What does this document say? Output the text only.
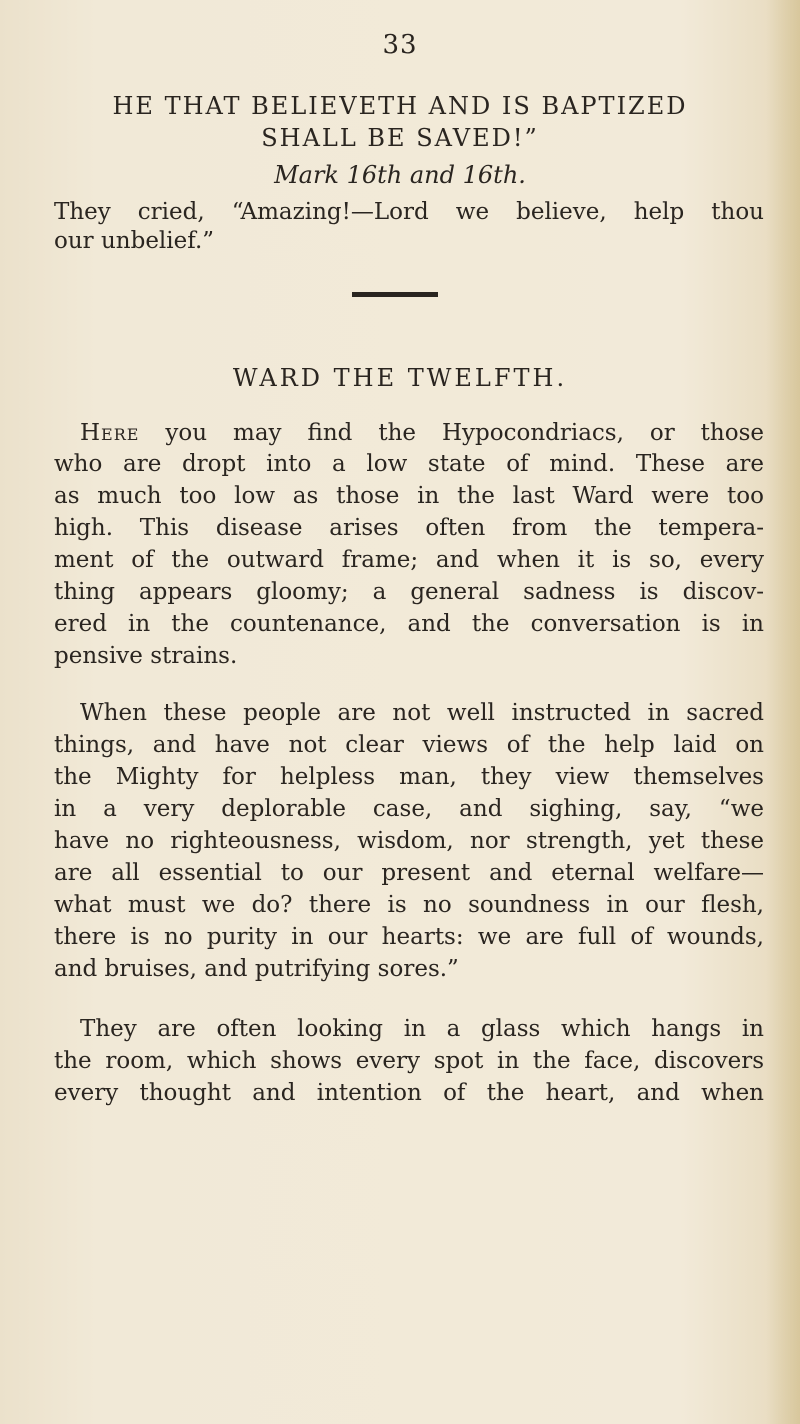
33
HE THAT BELIEVETH AND IS BAPTIZED
SHALL BE SAVED!”
Mark 16th and 16th.
They cried, “Amazing!—Lord we believe, help thou
our unbelief.”
WARD THE TWELFTH.
Here you may find the Hypocondriacs, or those
who are dropt into a low state of mind. These are
as much too low as those in the last Ward were too
high. This disease arises often from the tempera-
ment of the outward frame; and when it is so, every
thing appears gloomy; a general sadness is discov-
ered in the countenance, and the conversation is in
pensive strains.
When these people are not well instructed in sacred
things, and have not clear views of the help laid on
the Mighty for helpless man, they view themselves
in a very deplorable case, and sighing, say, “we
have no righteousness, wisdom, nor strength, yet these
are all essential to our present and eternal welfare—
what must we do? there is no soundness in our flesh,
there is no purity in our hearts: we are full of wounds,
and bruises, and putrifying sores.”
They are often looking in a glass which hangs in
the room, which shows every spot in the face, discovers
every thought and intention of the heart, and when
